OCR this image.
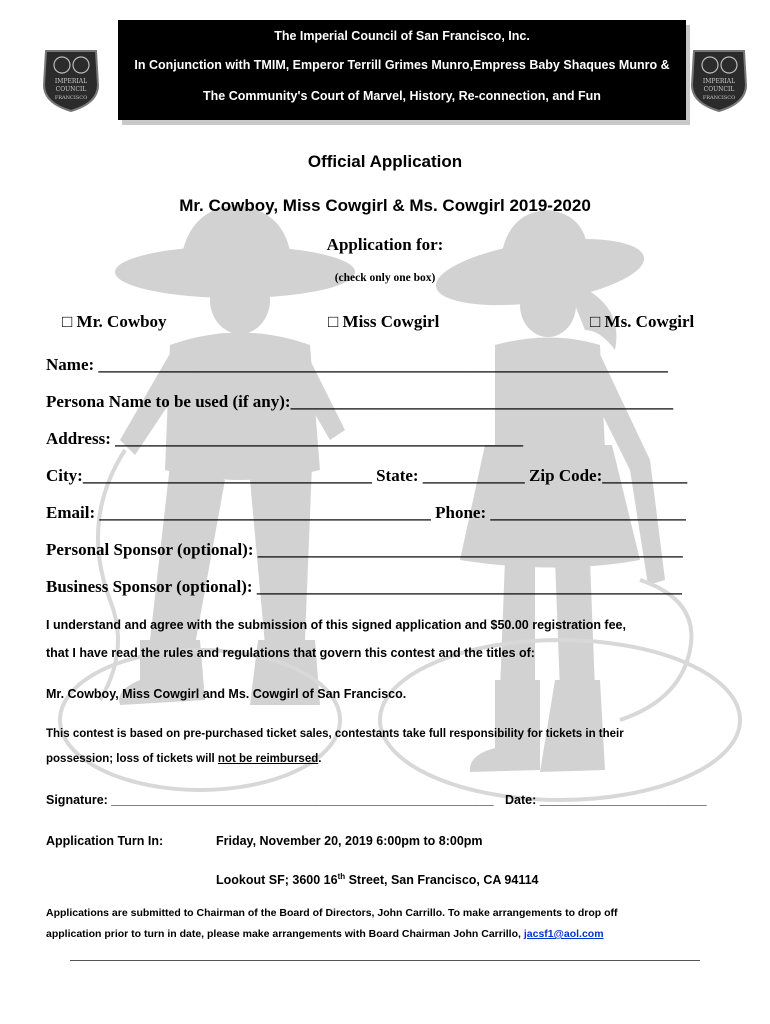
The Imperial Council of San Francisco, Inc.
In Conjunction with TMIM, Emperor Terrill Grimes Munro,Empress Baby Shaques Munro &
The Community's Court of Marvel, History, Re-connection, and Fun
IMPERIAL
COUNCIL
FRANCISCO
IMPERIAL
COUNCIL
FRANCISCO
Official Application
Mr. Cowboy, Miss Cowgirl & Ms. Cowgirl 2019-2020
Application for:
(check only one box)
□ Mr. Cowboy	□ Miss Cowgirl	□ Ms. Cowgirl
Name: ___________________________________________________________________
Persona Name to be used (if any):_____________________________________________
Address: ________________________________________________
City:__________________________________ State: ____________ Zip Code:__________
Email: _______________________________________ Phone: _______________________
Personal Sponsor (optional): __________________________________________________
Business Sponsor (optional): __________________________________________________
I understand and agree with the submission of this signed application and $50.00 registration fee,
that I have read the rules and regulations that govern this contest and the titles of:
Mr. Cowboy, Miss Cowgirl and Ms. Cowgirl of San Francisco.
This contest is based on pre-purchased ticket sales, contestants take full responsibility for tickets in their
possession; loss of tickets will not be reimbursed.
Signature: _______________________________________________________ Date: ________________________
Application Turn In:	Friday, November 20, 2019 6:00pm to 8:00pm
Lookout SF; 3600 16th Street, San Francisco, CA 94114
Applications are submitted to Chairman of the Board of Directors, John Carrillo. To make arrangements to drop off
application prior to turn in date, please make arrangements with Board Chairman John Carrillo, jacsf1@aol.com
